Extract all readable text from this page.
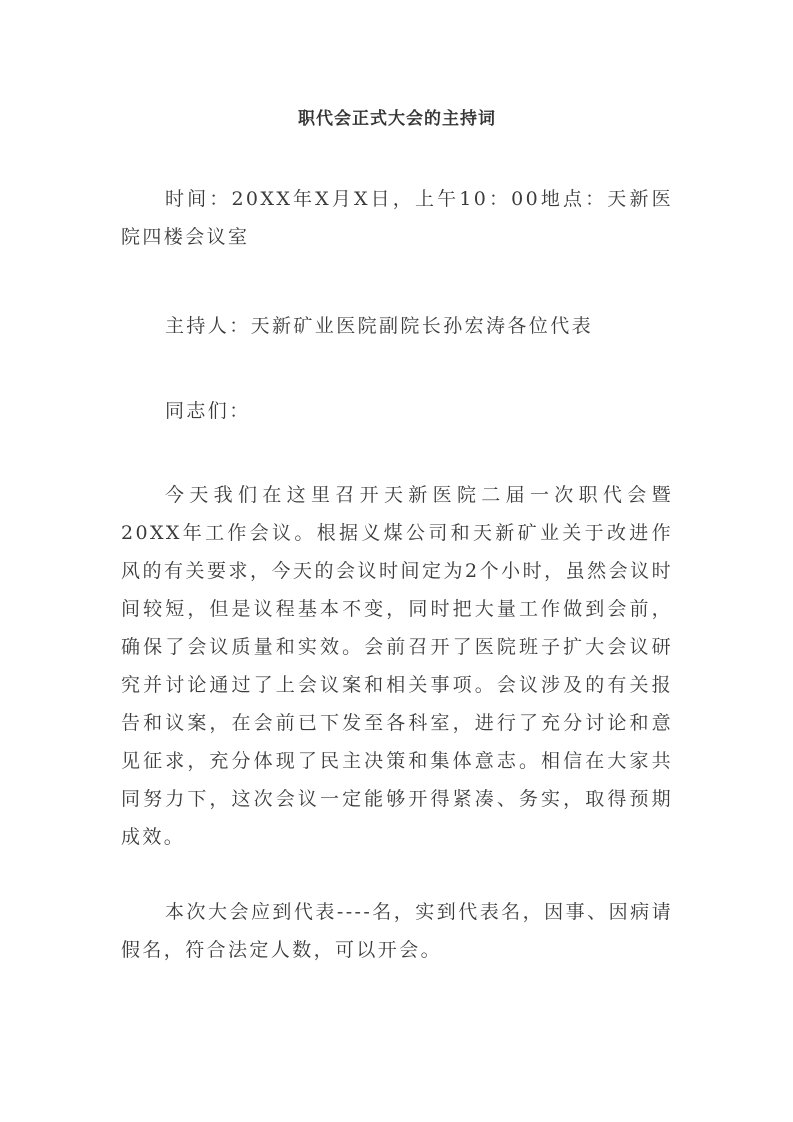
职代会正式大会的主持词

时间：20XX年X月X日，上午10：00地点：天新医院四楼会议室

主持人：天新矿业医院副院长孙宏涛各位代表

同志们：

今天我们在这里召开天新医院二届一次职代会暨20XX年工作会议。根据义煤公司和天新矿业关于改进作风的有关要求，今天的会议时间定为2个小时，虽然会议时间较短，但是议程基本不变，同时把大量工作做到会前，确保了会议质量和实效。会前召开了医院班子扩大会议研究并讨论通过了上会议案和相关事项。会议涉及的有关报告和议案，在会前已下发至各科室，进行了充分讨论和意见征求，充分体现了民主决策和集体意志。相信在大家共同努力下，这次会议一定能够开得紧凑、务实，取得预期成效。

本次大会应到代表----名，实到代表名，因事、因病请假名，符合法定人数，可以开会。
